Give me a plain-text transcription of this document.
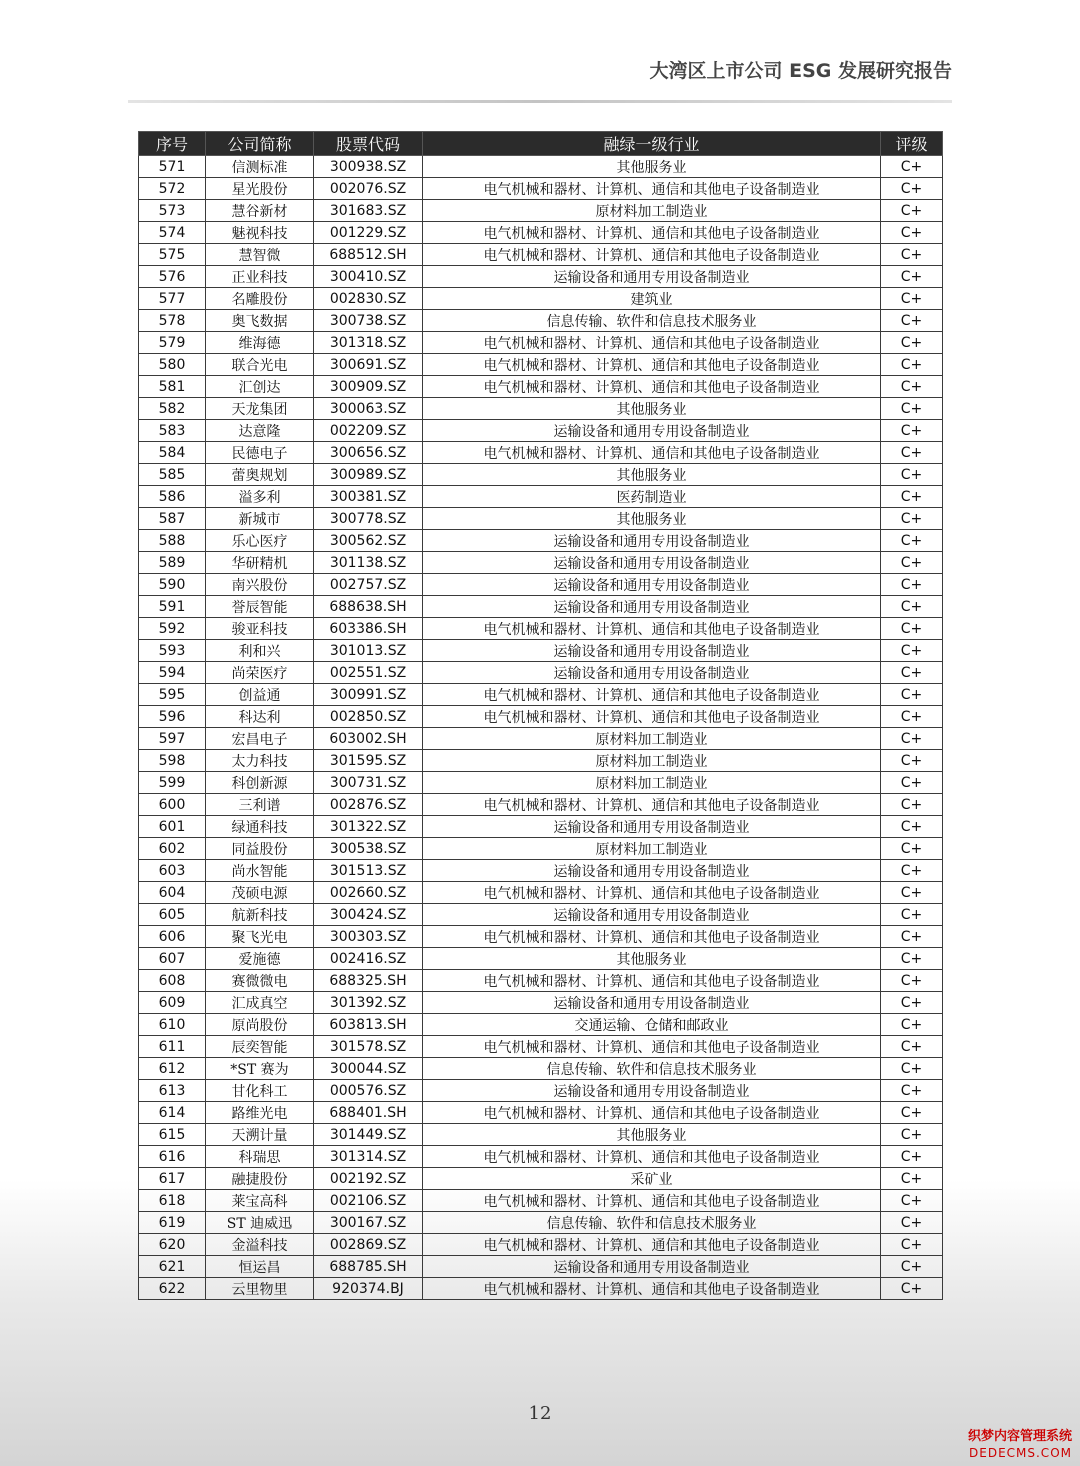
大湾区上市公司 ESG 发展研究报告
序号	公司简称	股票代码	融绿一级行业	评级
571	信测标准	300938.SZ	其他服务业	C+
572	星光股份	002076.SZ	电气机械和器材、计算机、通信和其他电子设备制造业	C+
573	慧谷新材	301683.SZ	原材料加工制造业	C+
574	魅视科技	001229.SZ	电气机械和器材、计算机、通信和其他电子设备制造业	C+
575	慧智微	688512.SH	电气机械和器材、计算机、通信和其他电子设备制造业	C+
576	正业科技	300410.SZ	运输设备和通用专用设备制造业	C+
577	名雕股份	002830.SZ	建筑业	C+
578	奥飞数据	300738.SZ	信息传输、软件和信息技术服务业	C+
579	维海德	301318.SZ	电气机械和器材、计算机、通信和其他电子设备制造业	C+
580	联合光电	300691.SZ	电气机械和器材、计算机、通信和其他电子设备制造业	C+
581	汇创达	300909.SZ	电气机械和器材、计算机、通信和其他电子设备制造业	C+
582	天龙集团	300063.SZ	其他服务业	C+
583	达意隆	002209.SZ	运输设备和通用专用设备制造业	C+
584	民德电子	300656.SZ	电气机械和器材、计算机、通信和其他电子设备制造业	C+
585	蕾奥规划	300989.SZ	其他服务业	C+
586	溢多利	300381.SZ	医药制造业	C+
587	新城市	300778.SZ	其他服务业	C+
588	乐心医疗	300562.SZ	运输设备和通用专用设备制造业	C+
589	华研精机	301138.SZ	运输设备和通用专用设备制造业	C+
590	南兴股份	002757.SZ	运输设备和通用专用设备制造业	C+
591	誉辰智能	688638.SH	运输设备和通用专用设备制造业	C+
592	骏亚科技	603386.SH	电气机械和器材、计算机、通信和其他电子设备制造业	C+
593	利和兴	301013.SZ	运输设备和通用专用设备制造业	C+
594	尚荣医疗	002551.SZ	运输设备和通用专用设备制造业	C+
595	创益通	300991.SZ	电气机械和器材、计算机、通信和其他电子设备制造业	C+
596	科达利	002850.SZ	电气机械和器材、计算机、通信和其他电子设备制造业	C+
597	宏昌电子	603002.SH	原材料加工制造业	C+
598	太力科技	301595.SZ	原材料加工制造业	C+
599	科创新源	300731.SZ	原材料加工制造业	C+
600	三利谱	002876.SZ	电气机械和器材、计算机、通信和其他电子设备制造业	C+
601	绿通科技	301322.SZ	运输设备和通用专用设备制造业	C+
602	同益股份	300538.SZ	原材料加工制造业	C+
603	尚水智能	301513.SZ	运输设备和通用专用设备制造业	C+
604	茂硕电源	002660.SZ	电气机械和器材、计算机、通信和其他电子设备制造业	C+
605	航新科技	300424.SZ	运输设备和通用专用设备制造业	C+
606	聚飞光电	300303.SZ	电气机械和器材、计算机、通信和其他电子设备制造业	C+
607	爱施德	002416.SZ	其他服务业	C+
608	赛微微电	688325.SH	电气机械和器材、计算机、通信和其他电子设备制造业	C+
609	汇成真空	301392.SZ	运输设备和通用专用设备制造业	C+
610	原尚股份	603813.SH	交通运输、仓储和邮政业	C+
611	辰奕智能	301578.SZ	电气机械和器材、计算机、通信和其他电子设备制造业	C+
612	*ST 赛为	300044.SZ	信息传输、软件和信息技术服务业	C+
613	甘化科工	000576.SZ	运输设备和通用专用设备制造业	C+
614	路维光电	688401.SH	电气机械和器材、计算机、通信和其他电子设备制造业	C+
615	天溯计量	301449.SZ	其他服务业	C+
616	科瑞思	301314.SZ	电气机械和器材、计算机、通信和其他电子设备制造业	C+
617	融捷股份	002192.SZ	采矿业	C+
618	莱宝高科	002106.SZ	电气机械和器材、计算机、通信和其他电子设备制造业	C+
619	ST 迪威迅	300167.SZ	信息传输、软件和信息技术服务业	C+
620	金溢科技	002869.SZ	电气机械和器材、计算机、通信和其他电子设备制造业	C+
621	恒运昌	688785.SH	运输设备和通用专用设备制造业	C+
622	云里物里	920374.BJ	电气机械和器材、计算机、通信和其他电子设备制造业	C+
12
织梦内容管理系统
DEDECMS.COM
